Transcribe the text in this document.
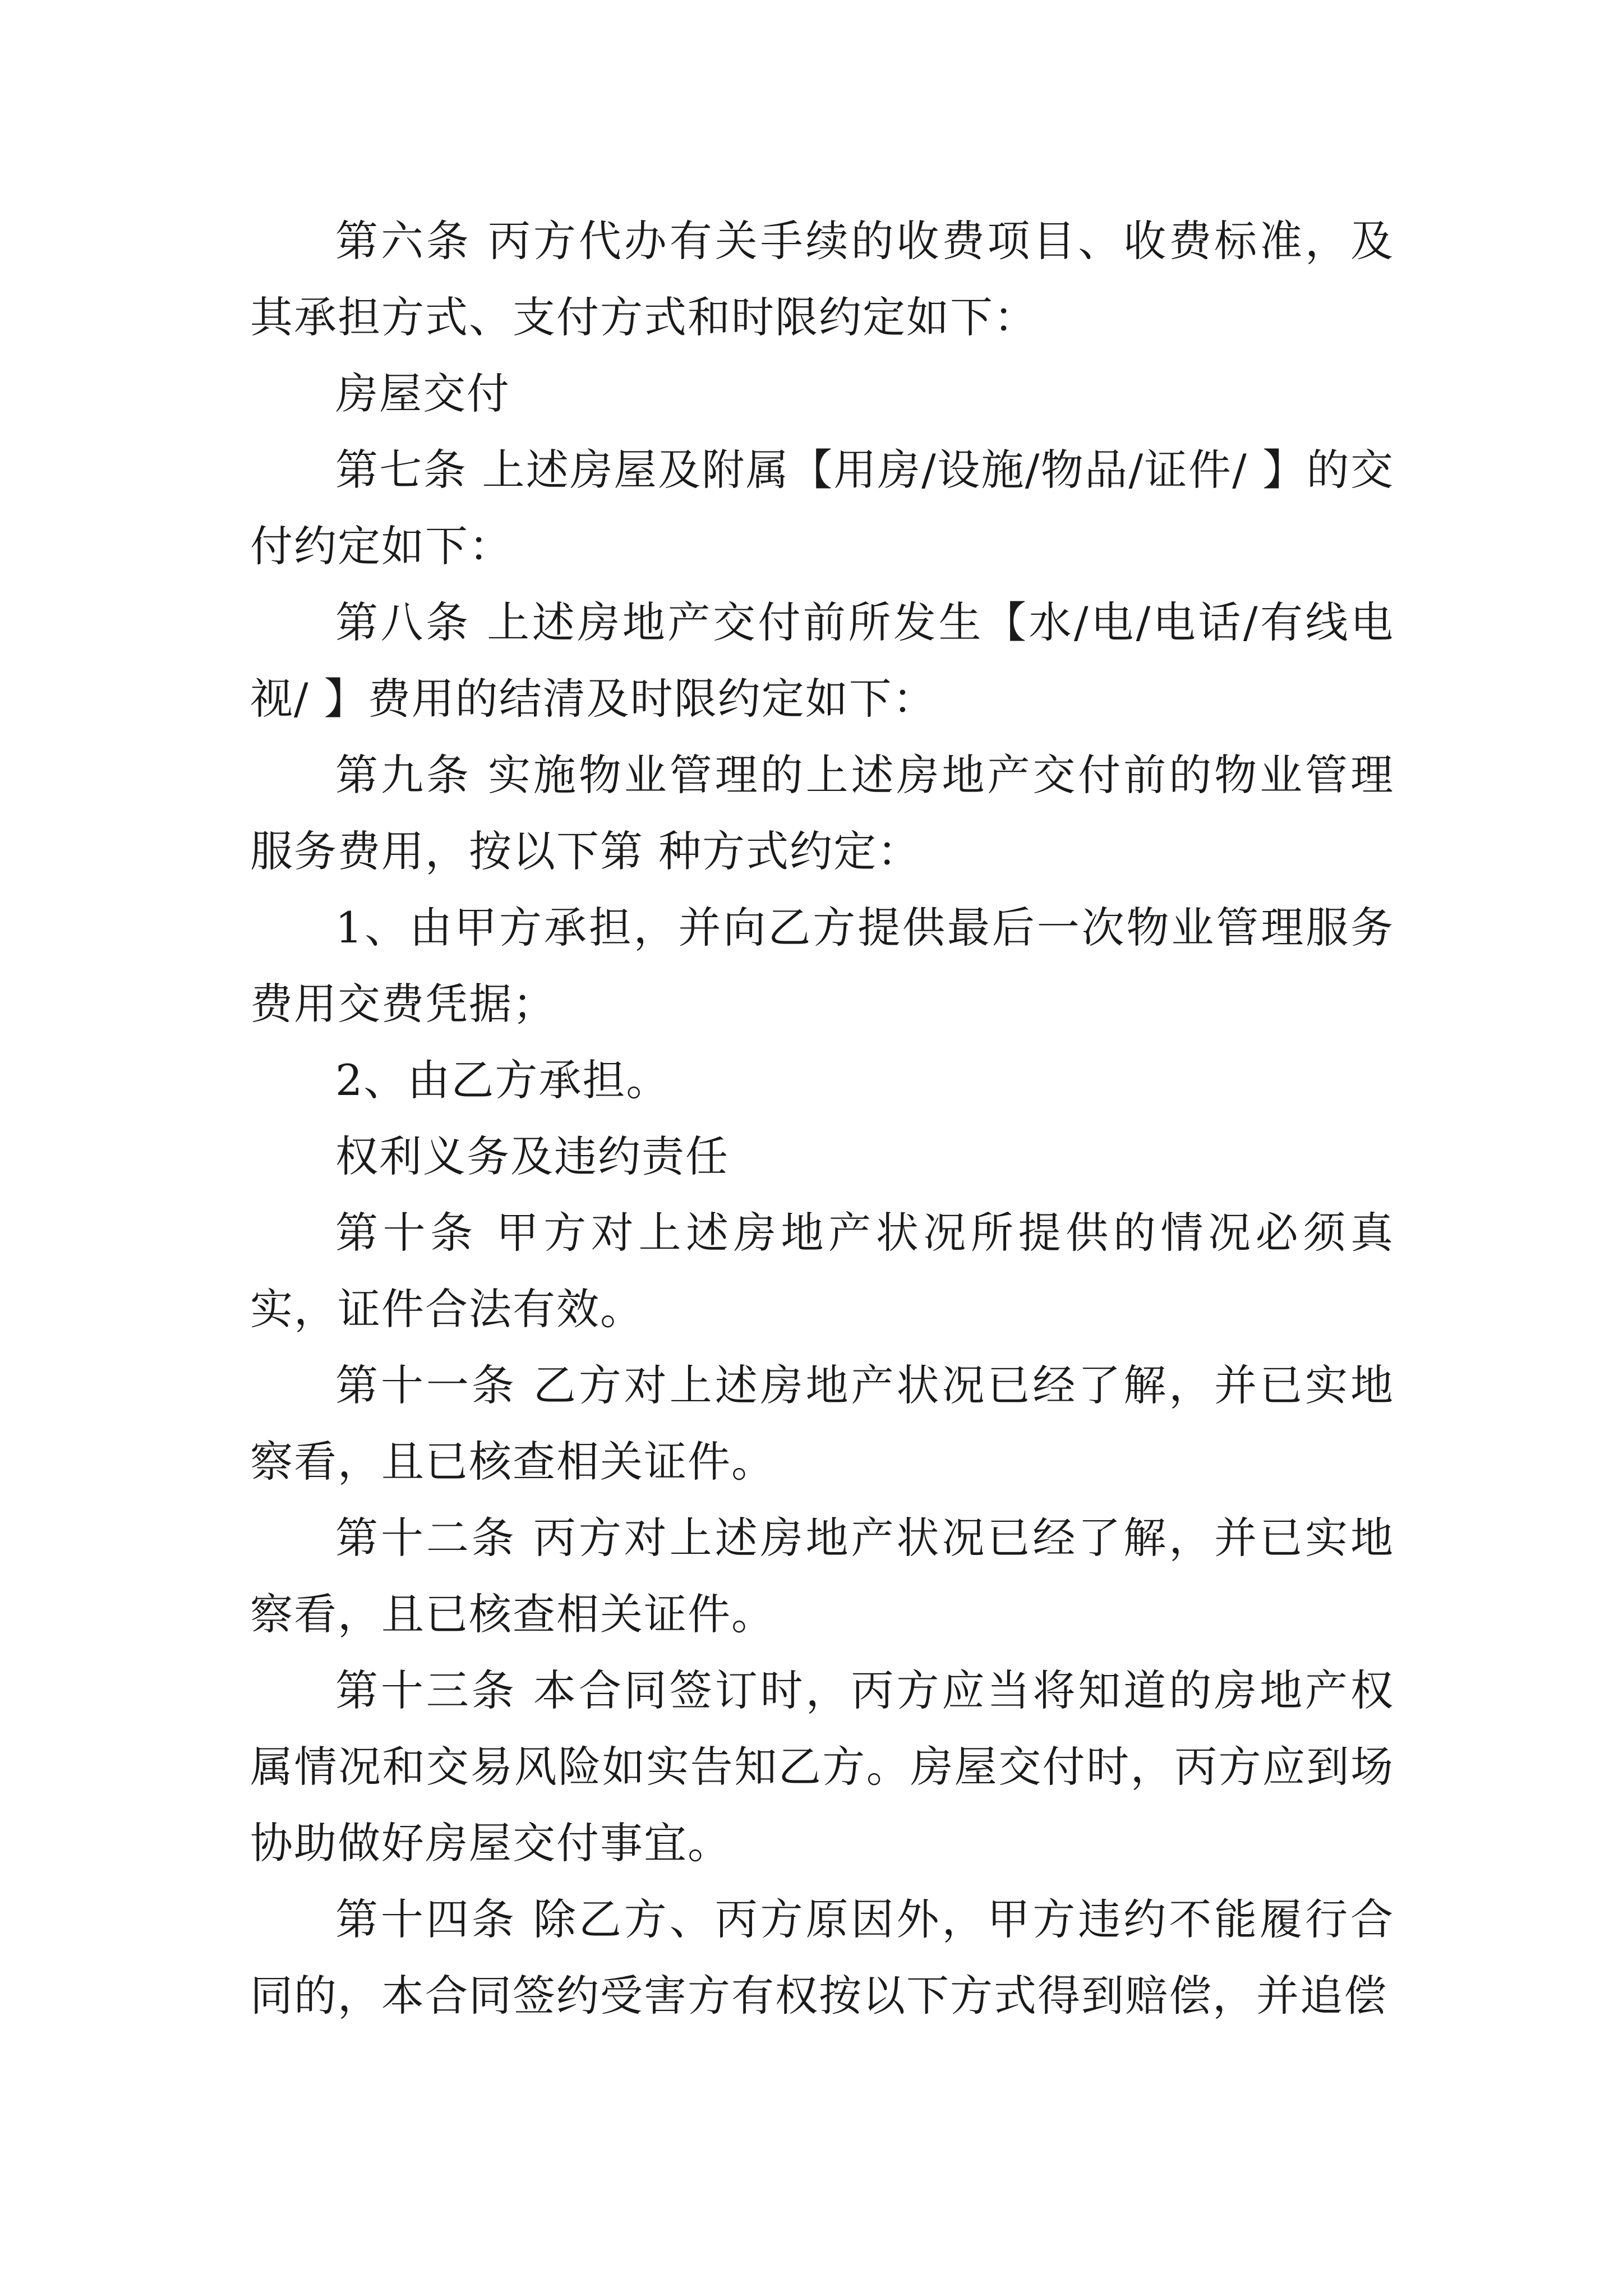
第六条 丙方代办有关手续的收费项目、收费标准，及其承担方式、支付方式和时限约定如下：

房屋交付

第七条 上述房屋及附属【用房/设施/物品/证件/ 】的交付约定如下：

第八条 上述房地产交付前所发生【水/电/电话/有线电视/ 】费用的结清及时限约定如下：

第九条 实施物业管理的上述房地产交付前的物业管理服务费用，按以下第 种方式约定：

1、由甲方承担，并向乙方提供最后一次物业管理服务费用交费凭据；

2、由乙方承担。

权利义务及违约责任

第十条 甲方对上述房地产状况所提供的情况必须真实，证件合法有效。

第十一条 乙方对上述房地产状况已经了解，并已实地察看，且已核查相关证件。

第十二条 丙方对上述房地产状况已经了解，并已实地察看，且已核查相关证件。

第十三条 本合同签订时，丙方应当将知道的房地产权属情况和交易风险如实告知乙方。房屋交付时，丙方应到场协助做好房屋交付事宜。

第十四条 除乙方、丙方原因外，甲方违约不能履行合同的，本合同签约受害方有权按以下方式得到赔偿，并追偿
